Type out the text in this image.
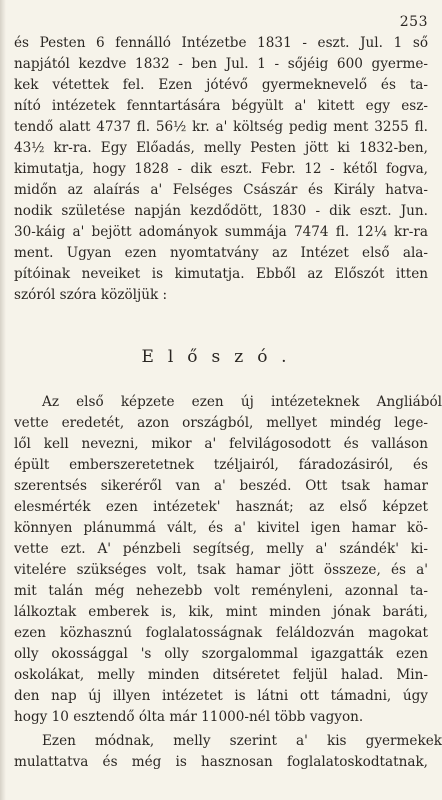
253
és Pesten 6 fennálló Intézetbe 1831 - eszt. Jul. 1 ső
napjától kezdve 1832 - ben Jul. 1 - sőjéig 600 gyerme-
kek vétettek fel. Ezen jótévő gyermeknevelő és ta-
nító intézetek fenntartására bégyült a' kitett egy esz-
tendő alatt 4737 fl. 56½ kr. a' költség pedig ment 3255 fl.
43½ kr-ra. Egy Előadás, melly Pesten jött ki 1832-ben,
kimutatja, hogy 1828 - dik eszt. Febr. 12 - kétől fogva,
midőn az alaírás a' Felséges Császár és Király hatva-
nodik születése napján kezdődött, 1830 - dik eszt. Jun.
30-káig a' bejött adományok summája 7474 fl. 12¼ kr-ra
ment. Ugyan ezen nyomtatvány az Intézet első ala-
pítóinak neveiket is kimutatja. Ebből az Előszót itten
szóról szóra közöljük :
Előszó.
Az első képzete ezen új intézeteknek Angliából
vette eredetét, azon országból, mellyet mindég lege-
lől kell nevezni, mikor a' felvilágosodott és valláson
épült emberszeretetnek tzéljairól, fáradozásiról, és
szerentsés sikeréről van a' beszéd. Ott tsak hamar
elesmérték ezen intézetek' hasznát; az első képzet
könnyen plánummá vált, és a' kivitel igen hamar kö-
vette ezt. A' pénzbeli segítség, melly a' szándék' ki-
vitelére szükséges volt, tsak hamar jött összeze, és a'
mit talán még nehezebb volt reményleni, azonnal ta-
lálkoztak emberek is, kik, mint minden jónak baráti,
ezen közhasznú foglalatosságnak feláldozván magokat
olly okossággal 's olly szorgalommal igazgatták ezen
oskolákat, melly minden ditséretet feljül halad. Min-
den nap új illyen intézetet is látni ott támadni, úgy
hogy 10 esztendő ólta már 11000-nél több vagyon.
Ezen módnak, melly szerint a' kis gyermekek
mulattatva és még is hasznosan foglalatoskodtatnak,
